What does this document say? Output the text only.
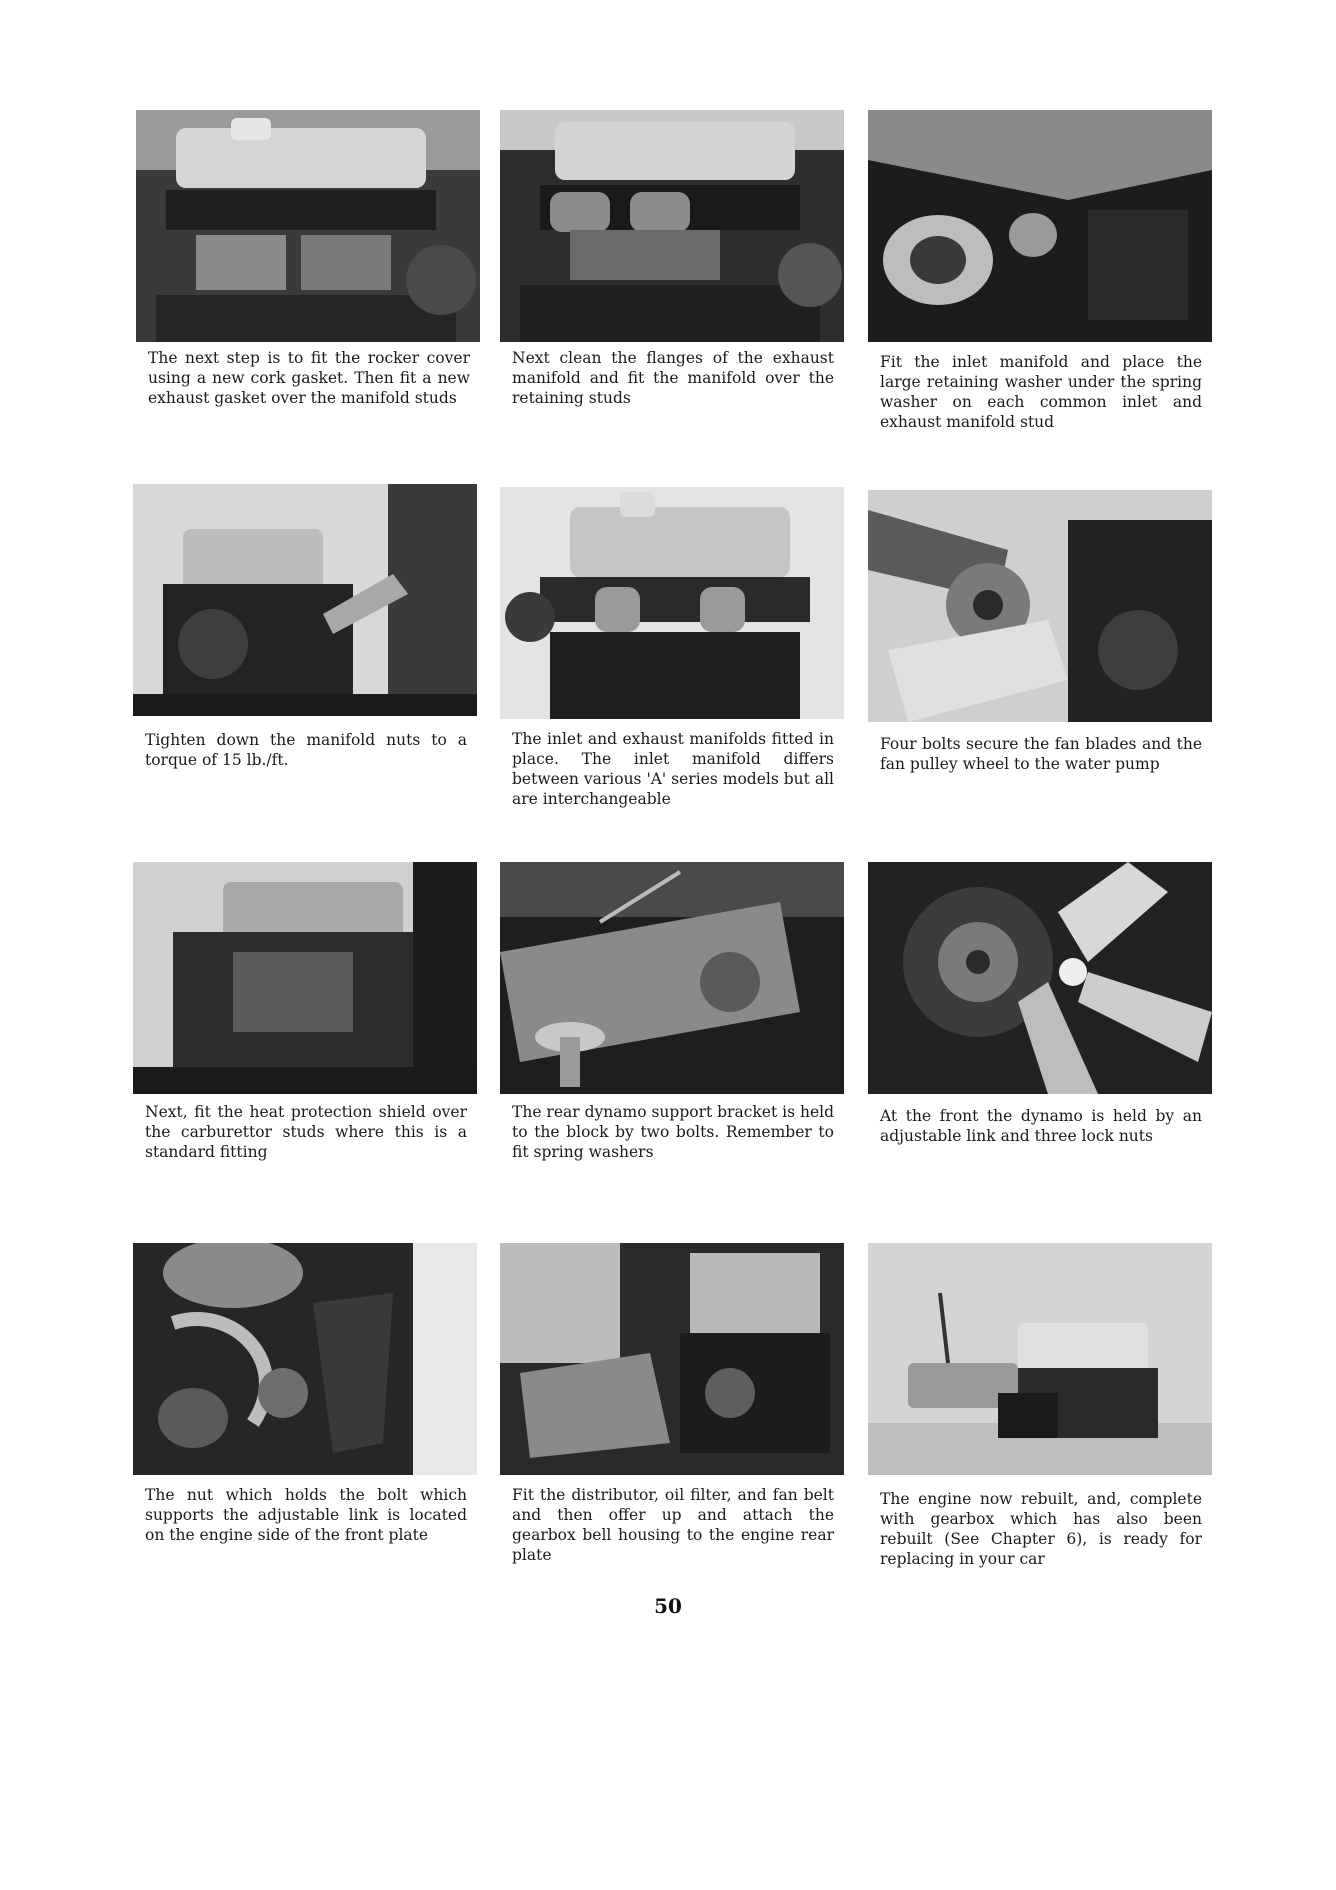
The next step is to fit the rocker cover using a new cork gasket. Then fit a new exhaust gasket over the manifold studs

Next clean the flanges of the exhaust manifold and fit the manifold over the retaining studs

Fit the inlet manifold and place the large retaining washer under the spring washer on each common inlet and exhaust manifold stud

Tighten down the manifold nuts to a torque of 15 lb./ft.

The inlet and exhaust manifolds fitted in place. The inlet manifold differs between various 'A' series models but all are interchangeable

Four bolts secure the fan blades and the fan pulley wheel to the water pump

Next, fit the heat protection shield over the carburettor studs where this is a standard fitting

The rear dynamo support bracket is held to the block by two bolts. Remember to fit spring washers

At the front the dynamo is held by an adjustable link and three lock nuts

The nut which holds the bolt which supports the adjustable link is located on the engine side of the front plate

Fit the distributor, oil filter, and fan belt and then offer up and attach the gearbox bell housing to the engine rear plate

The engine now rebuilt, and, complete with gearbox which has also been rebuilt (See Chapter 6), is ready for replacing in your car

50
